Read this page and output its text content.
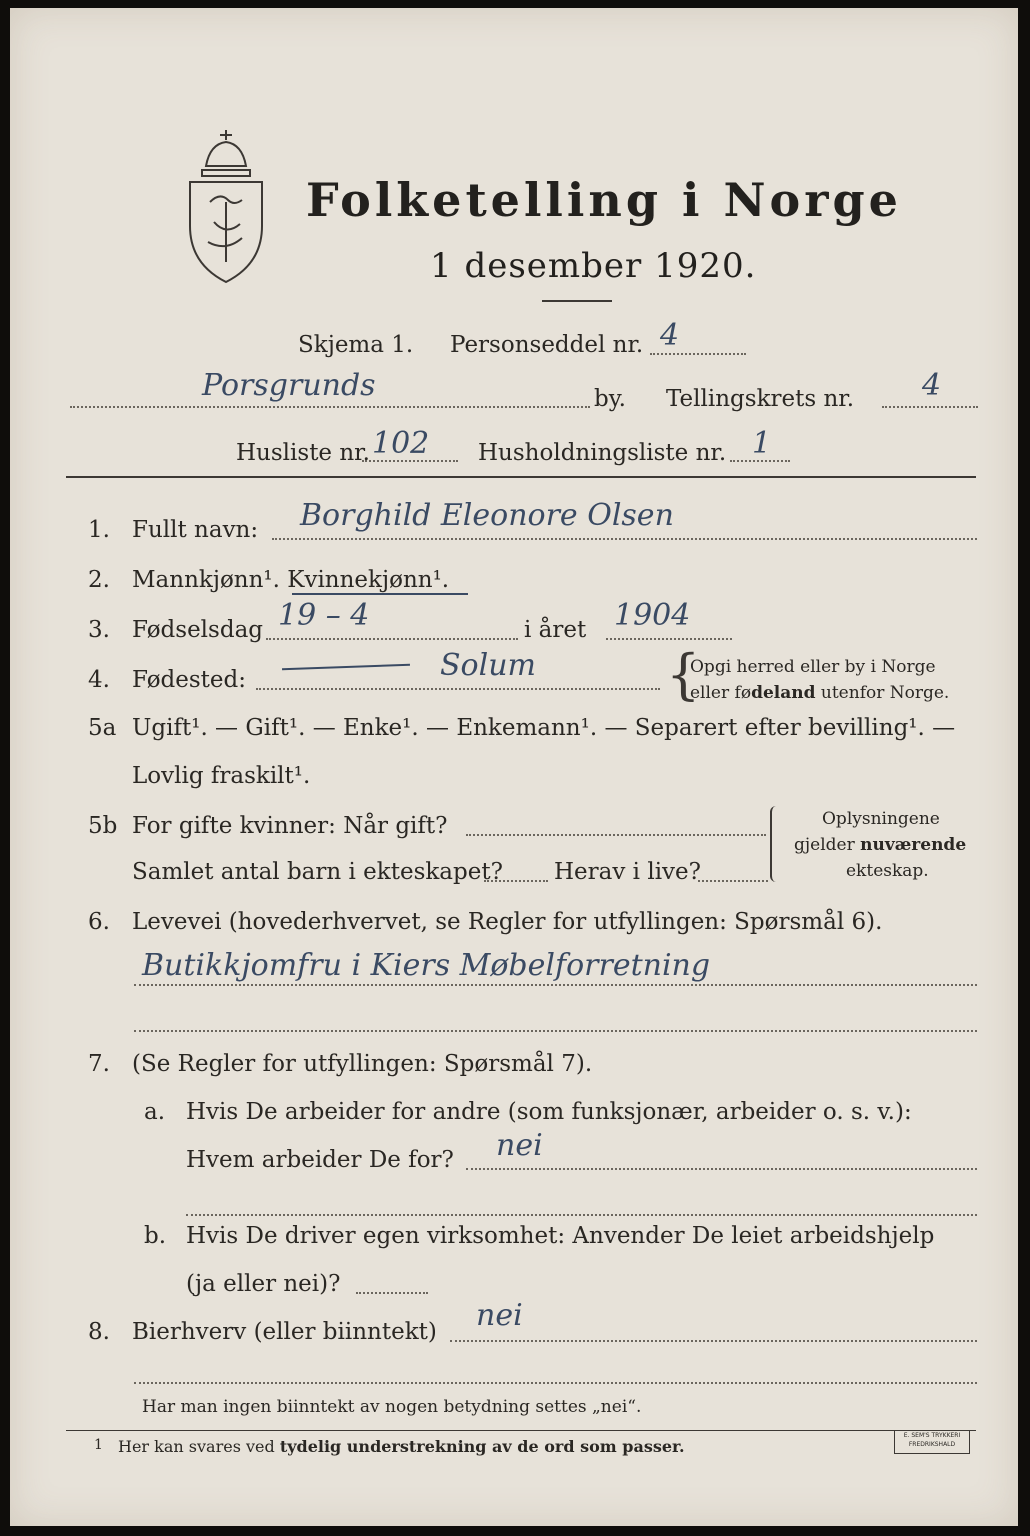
Folketelling i Norge
1 desember 1920.
Skjema 1. Personseddel nr. 4
Porsgrunds	by. Tellingskrets nr. 4
Husliste nr. 102 Husholdningsliste nr. 1
1. Fullt navn: Borghild Eleonore Olsen
2. Mannkjønn¹. Kvinnekjønn¹.
3. Fødselsdag 19 – 4	i året 1904
4. Fødested:	Solum {
Opgi herred eller by i Norge
eller fødeland utenfor Norge.
5a Ugift¹. — Gift¹. — Enke¹. — Enkemann¹. — Separert efter bevilling¹. —
Lovlig fraskilt¹.
5b For gifte kvinner: Når gift?
Samlet antal barn i ekteskapet? Herav i live?
Oplysningene
gjelder nuværende
ekteskap.
6. Levevei (hovederhvervet, se Regler for utfyllingen: Spørsmål 6).
Butikkjomfru i Kiers Møbelforretning
7. (Se Regler for utfyllingen: Spørsmål 7).
a. Hvis De arbeider for andre (som funksjonær, arbeider o. s. v.):
Hvem arbeider De for? nei
b. Hvis De driver egen virksomhet: Anvender De leiet arbeidshjelp
(ja eller nei)?
8. Bierhverv (eller biinntekt) nei
Har man ingen biinntekt av nogen betydning settes „nei“.
1 Her kan svares ved tydelig understrekning av de ord som passer.
E. SEM'S TRYKKERI
FREDRIKSHALD
